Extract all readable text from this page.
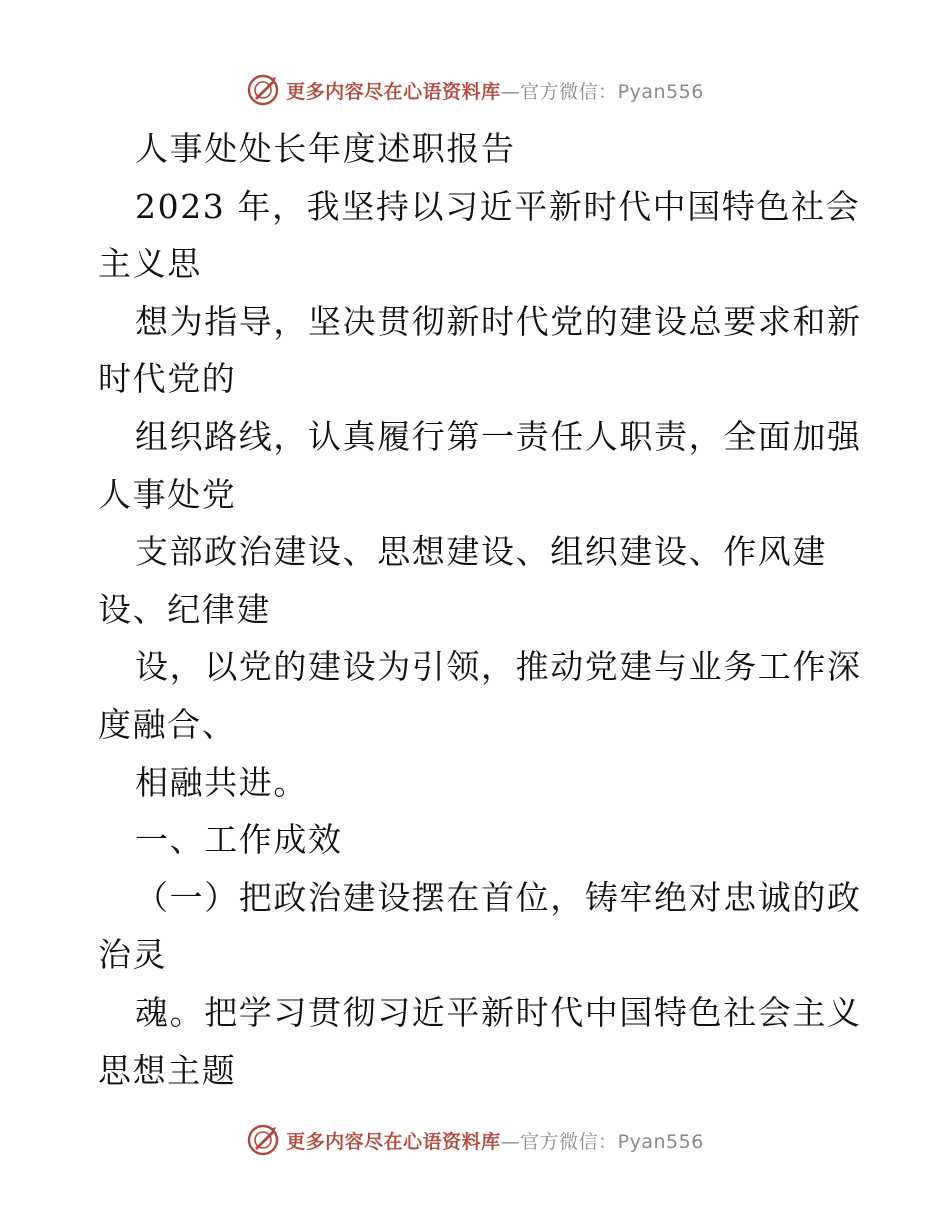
更多内容尽在心语资料库—官方微信：Pyan556
人事处处长年度述职报告
2023 年，我坚持以习近平新时代中国特色社会
主义思
想为指导，坚决贯彻新时代党的建设总要求和新
时代党的
组织路线，认真履行第一责任人职责，全面加强
人事处党
支部政治建设、思想建设、组织建设、作风建
设、纪律建
设，以党的建设为引领，推动党建与业务工作深
度融合、
相融共进。
一、工作成效
（一）把政治建设摆在首位，铸牢绝对忠诚的政
治灵
魂。把学习贯彻习近平新时代中国特色社会主义
思想主题
更多内容尽在心语资料库—官方微信：Pyan556
